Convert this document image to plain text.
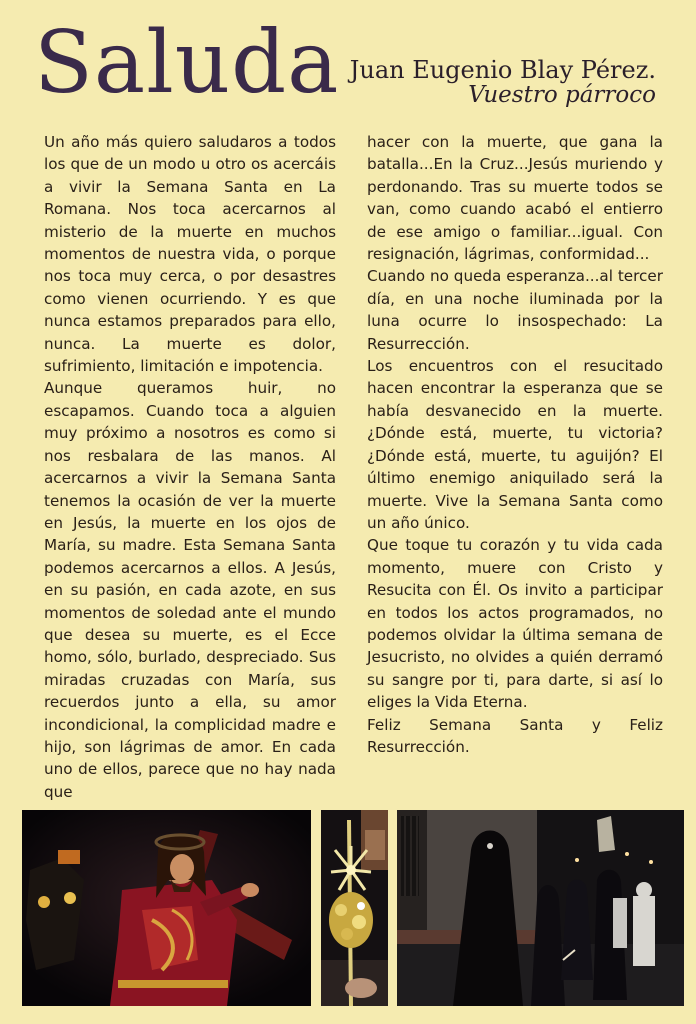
Saluda Juan Eugenio Blay Pérez.
Vuestro párroco

Un año más quiero saludaros a todos los que de un modo u otro os acercáis a vivir la Semana Santa en La Romana. Nos toca acercarnos al misterio de la muerte en muchos momentos de nuestra vida, o porque nos toca muy cerca, o por desastres como vienen ocurriendo. Y es que nunca estamos preparados para ello, nunca. La muerte es dolor, sufrimiento, limitación e impotencia.

Aunque queramos huir, no escapamos. Cuando toca a alguien muy próximo a nosotros es como si nos resbalara de las manos. Al acercarnos a vivir la Semana Santa tenemos la ocasión de ver la muerte en Jesús, la muerte en los ojos de María, su madre. Esta Semana Santa podemos acercarnos a ellos. A Jesús, en su pasión, en cada azote, en sus momentos de soledad ante el mundo que desea su muerte, es el Ecce homo, sólo, burlado, despreciado. Sus miradas cruzadas con María, sus recuerdos junto a ella, su amor incondicional, la complicidad madre e hijo, son lágrimas de amor. En cada uno de ellos, parece que no hay nada que

hacer con la muerte, que gana la batalla...En la Cruz...Jesús muriendo y perdonando. Tras su muerte todos se van, como cuando acabó el entierro de ese amigo o familiar...igual. Con resignación, lágrimas, conformidad...

Cuando no queda esperanza...al tercer día, en una noche iluminada por la luna ocurre lo insospechado: La Resurrección.

Los encuentros con el resucitado hacen encontrar la esperanza que se había desvanecido en la muerte. ¿Dónde está, muerte, tu victoria? ¿Dónde está, muerte, tu aguijón? El último enemigo aniquilado será la muerte. Vive la Semana Santa como un año único.

Que toque tu corazón y tu vida cada momento, muere con Cristo y Resucita con Él. Os invito a participar en todos los actos programados, no podemos olvidar la última semana de Jesucristo, no olvides a quién derramó su sangre por ti, para darte, si así lo eliges la Vida Eterna.

Feliz Semana Santa y Feliz Resurrección.
